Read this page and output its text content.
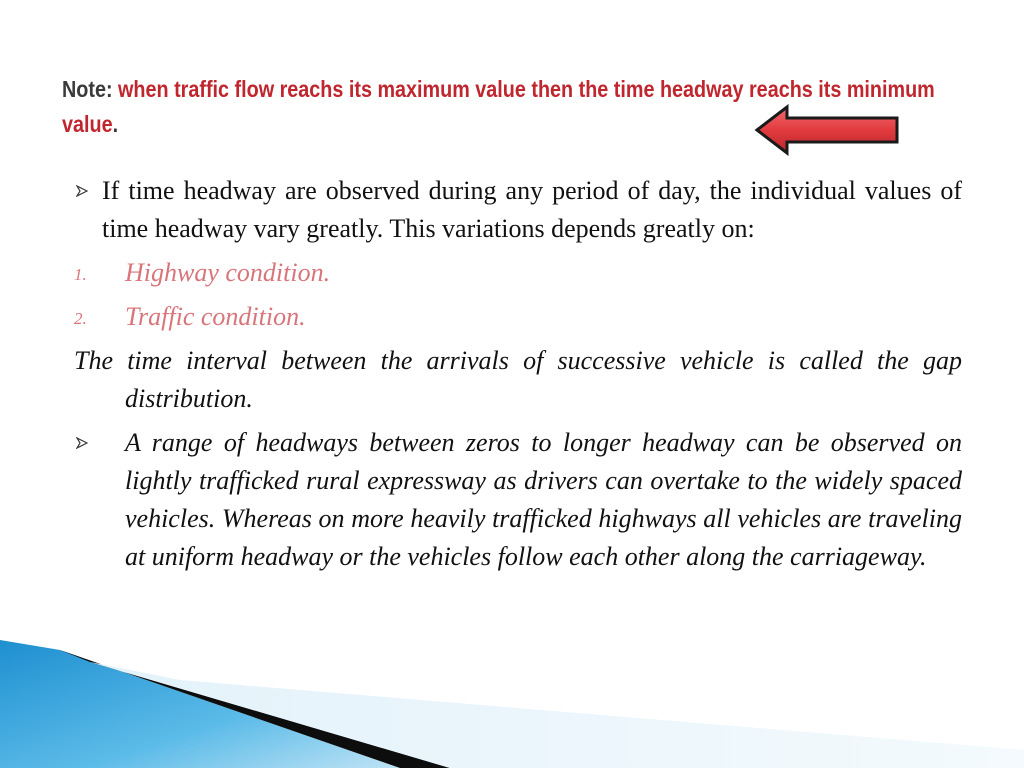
Note: when traffic flow reachs its maximum value then the time headway reachs its minimum value.
If time headway are observed during any period of day, the individual values of time headway vary greatly. This variations depends greatly on:
1. Highway condition.
2. Traffic condition.
The time interval between the arrivals of successive vehicle is called the gap distribution.
A range of headways between zeros to longer headway can be observed on lightly trafficked rural expressway as drivers can overtake to the widely spaced vehicles. Whereas on more heavily trafficked highways all vehicles are traveling at uniform headway or the vehicles follow each other along the carriageway.
